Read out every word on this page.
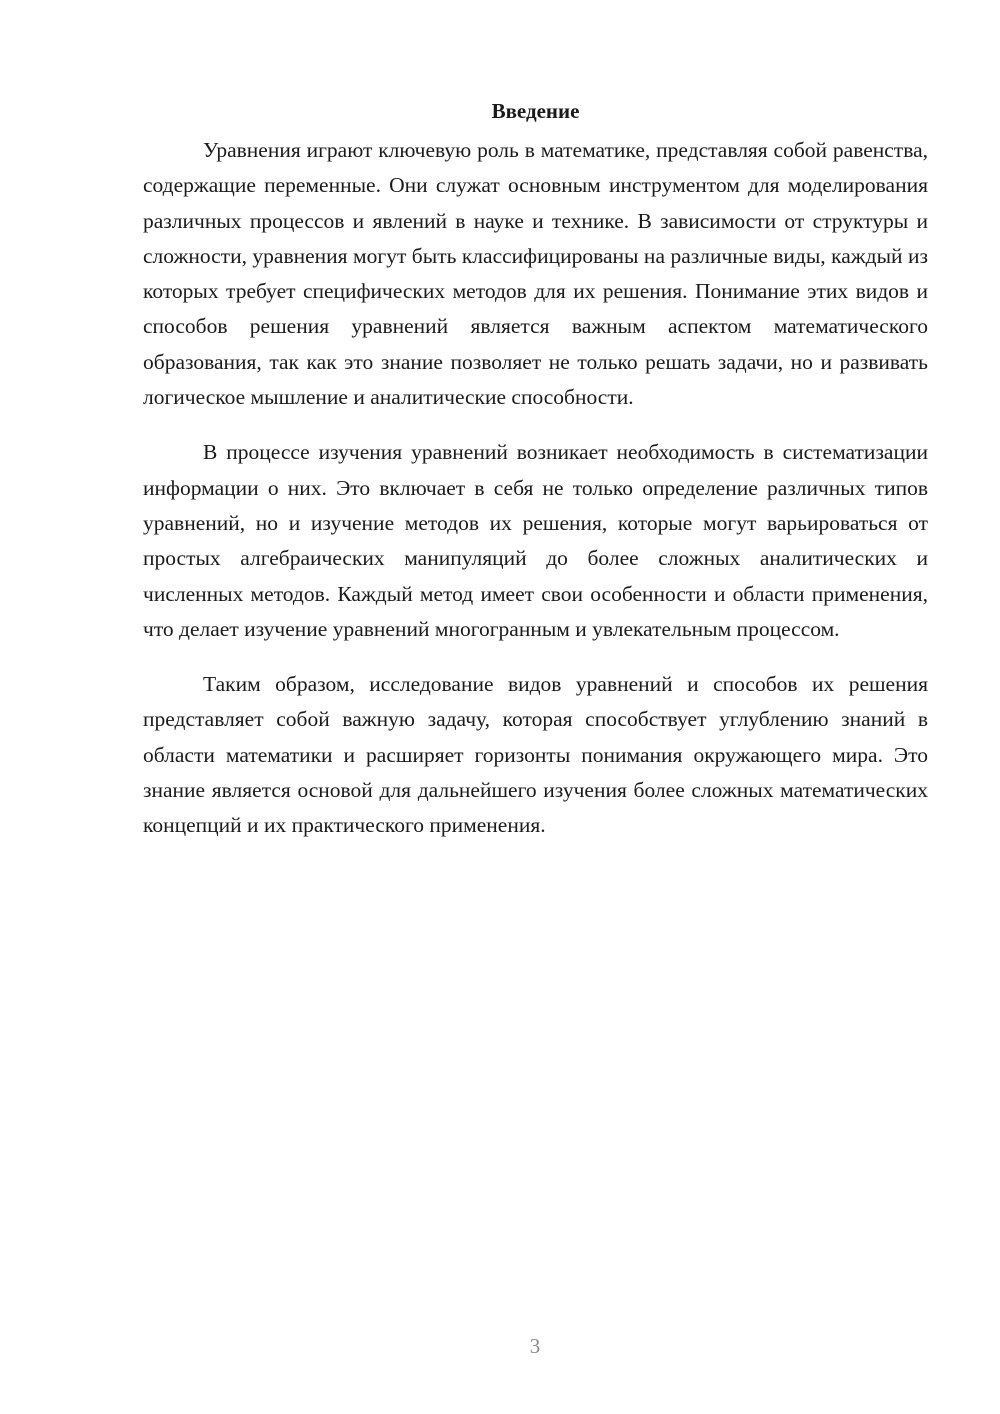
Введение

Уравнения играют ключевую роль в математике, представляя собой равенства, содержащие переменные. Они служат основным инструментом для моделирования различных процессов и явлений в науке и технике. В зависимости от структуры и сложности, уравнения могут быть классифицированы на различные виды, каждый из которых требует специфических методов для их решения. Понимание этих видов и способов решения уравнений является важным аспектом математического образования, так как это знание позволяет не только решать задачи, но и развивать логическое мышление и аналитические способности.

В процессе изучения уравнений возникает необходимость в систематизации информации о них. Это включает в себя не только определение различных типов уравнений, но и изучение методов их решения, которые могут варьироваться от простых алгебраических манипуляций до более сложных аналитических и численных методов. Каждый метод имеет свои особенности и области применения, что делает изучение уравнений многогранным и увлекательным процессом.

Таким образом, исследование видов уравнений и способов их решения представляет собой важную задачу, которая способствует углублению знаний в области математики и расширяет горизонты понимания окружающего мира. Это знание является основой для дальнейшего изучения более сложных математических концепций и их практического применения.

3
